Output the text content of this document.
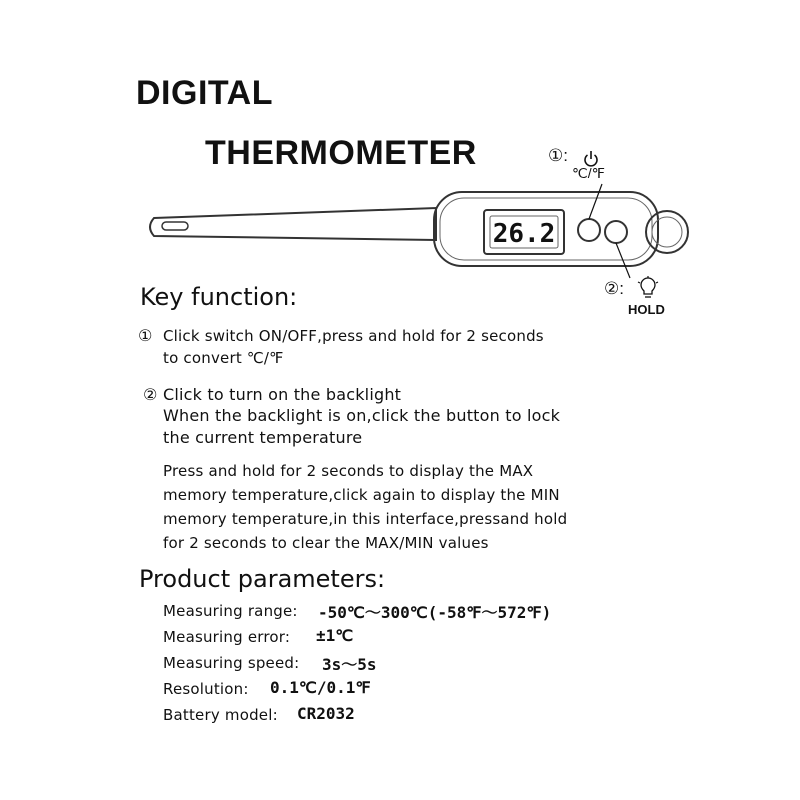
DIGITAL
THERMOMETER
26.2
①:
℃/℉
②:
HOLD
Key function:
① Click switch ON/OFF,press and hold for 2 seconds
to convert ℃/℉
② Click to turn on the backlight
When the backlight is on,click the button to lock
the current temperature
Press and hold for 2 seconds to display the MAX
memory temperature,click again to display the MIN
memory temperature,in this interface,pressand hold
for 2 seconds to clear the MAX/MIN values
Product parameters:
Measuring range: -50℃～300℃(-58℉～572℉)
Measuring error: ±1℃
Measuring speed: 3s～5s
Resolution: 0.1℃/0.1℉
Battery model: CR2032
